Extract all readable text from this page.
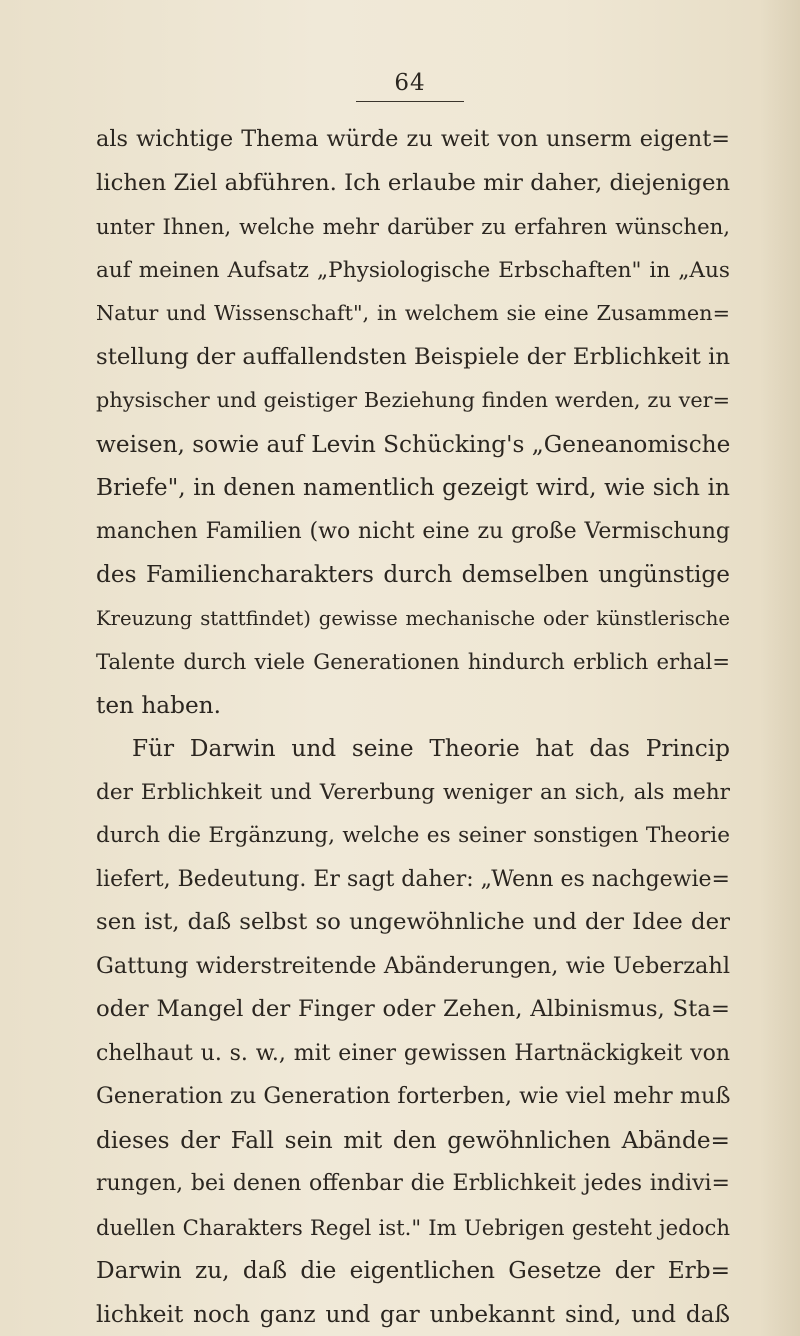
64
als wichtige Thema würde zu weit von unserm eigent=
lichen Ziel abführen. Ich erlaube mir daher, diejenigen
unter Ihnen, welche mehr darüber zu erfahren wünschen,
auf meinen Aufsatz „Physiologische Erbschaften" in „Aus
Natur und Wissenschaft", in welchem sie eine Zusammen=
stellung der auffallendsten Beispiele der Erblichkeit in
physischer und geistiger Beziehung finden werden, zu ver=
weisen, sowie auf Levin Schücking's „Geneanomische
Briefe", in denen namentlich gezeigt wird, wie sich in
manchen Familien (wo nicht eine zu große Vermischung
des Familiencharakters durch demselben ungünstige
Kreuzung stattfindet) gewisse mechanische oder künstlerische
Talente durch viele Generationen hindurch erblich erhal=
ten haben.
Für Darwin und seine Theorie hat das Princip
der Erblichkeit und Vererbung weniger an sich, als mehr
durch die Ergänzung, welche es seiner sonstigen Theorie
liefert, Bedeutung. Er sagt daher: „Wenn es nachgewie=
sen ist, daß selbst so ungewöhnliche und der Idee der
Gattung widerstreitende Abänderungen, wie Ueberzahl
oder Mangel der Finger oder Zehen, Albinismus, Sta=
chelhaut u. s. w., mit einer gewissen Hartnäckigkeit von
Generation zu Generation forterben, wie viel mehr muß
dieses der Fall sein mit den gewöhnlichen Abände=
rungen, bei denen offenbar die Erblichkeit jedes indivi=
duellen Charakters Regel ist." Im Uebrigen gesteht jedoch
Darwin zu, daß die eigentlichen Gesetze der Erb=
lichkeit noch ganz und gar unbekannt sind, und daß
